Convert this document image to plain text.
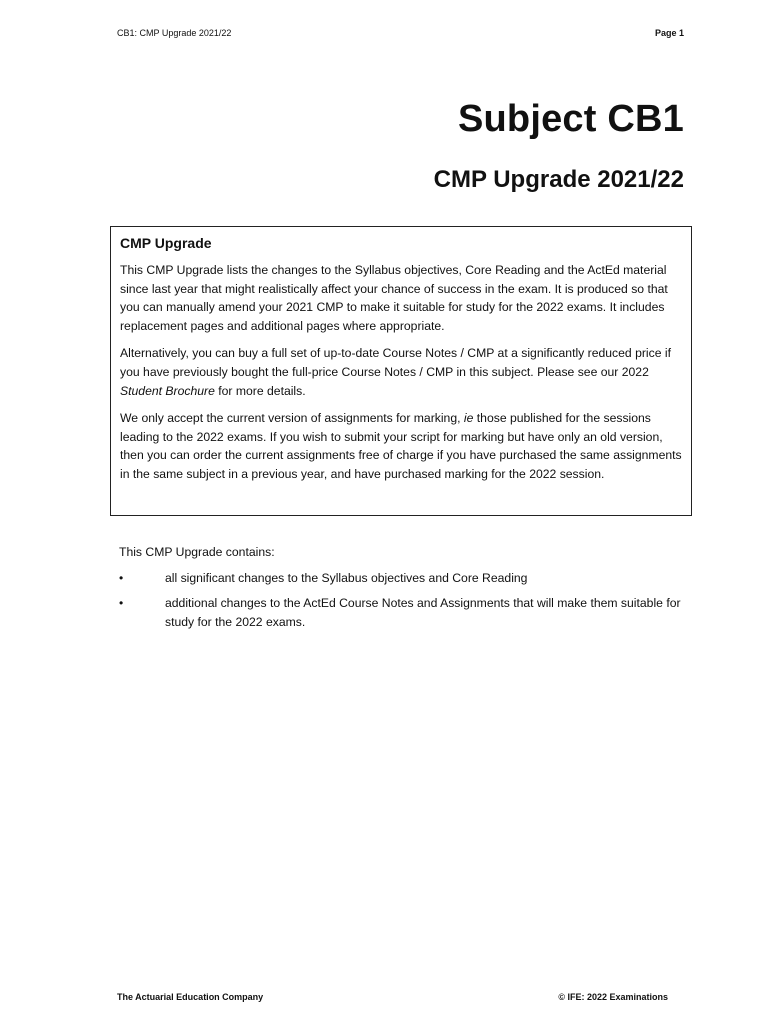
CB1: CMP Upgrade 2021/22	Page 1
Subject CB1
CMP Upgrade 2021/22
CMP Upgrade

This CMP Upgrade lists the changes to the Syllabus objectives, Core Reading and the ActEd material since last year that might realistically affect your chance of success in the exam. It is produced so that you can manually amend your 2021 CMP to make it suitable for study for the 2022 exams. It includes replacement pages and additional pages where appropriate.

Alternatively, you can buy a full set of up-to-date Course Notes / CMP at a significantly reduced price if you have previously bought the full-price Course Notes / CMP in this subject. Please see our 2022 Student Brochure for more details.

We only accept the current version of assignments for marking, ie those published for the sessions leading to the 2022 exams. If you wish to submit your script for marking but have only an old version, then you can order the current assignments free of charge if you have purchased the same assignments in the same subject in a previous year, and have purchased marking for the 2022 session.

This CMP Upgrade contains:
•	all significant changes to the Syllabus objectives and Core Reading
•	additional changes to the ActEd Course Notes and Assignments that will make them suitable for study for the 2022 exams.
The Actuarial Education Company	© IFE: 2022 Examinations
